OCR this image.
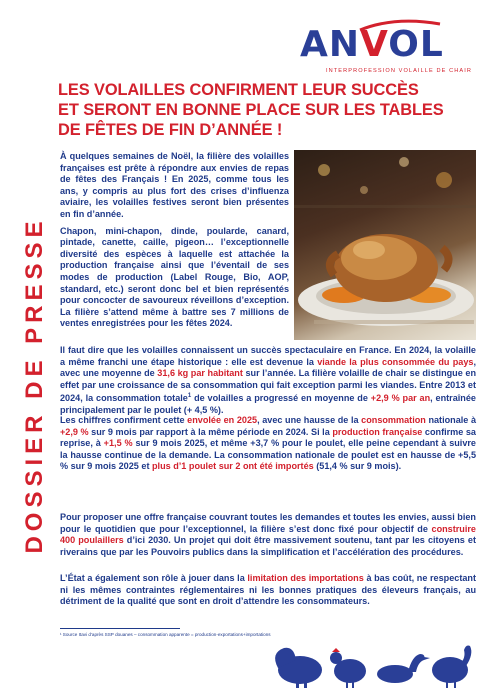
ANVOL
INTERPROFESSION VOLAILLE DE CHAIR
DOSSIER DE PRESSE
LES VOLAILLES CONFIRMENT LEUR SUCCÈS
ET SERONT EN BONNE PLACE SUR LES TABLES
DE FÊTES DE FIN D’ANNÉE !

À quelques semaines de Noël, la filière des volailles françaises est prête à répondre aux envies de repas de fêtes des Français ! En 2025, comme tous les ans, y compris au plus fort des crises d’influenza aviaire, les volailles festives seront bien présentes en fin d’année.

Chapon, mini-chapon, dinde, poularde, canard, pintade, canette, caille, pigeon… l’exceptionnelle diversité des espèces à laquelle est attachée la production française ainsi que l’éventail de ses modes de production (Label Rouge, Bio, AOP, standard, etc.) seront donc bel et bien représentés pour concocter de savoureux réveillons d’exception. La filière s’attend même à battre ses 7 millions de ventes enregistrées pour les fêtes 2024.

Il faut dire que les volailles connaissent un succès spectaculaire en France. En 2024, la volaille a même franchi une étape historique : elle est devenue la viande la plus consommée du pays, avec une moyenne de 31,6 kg par habitant sur l’année. La filière volaille de chair se distingue en effet par une croissance de sa consommation qui fait exception parmi les viandes. Entre 2013 et 2024, la consommation totale$^1$ de volailles a progressé en moyenne de +2,9 % par an, entraînée principalement par le poulet (+ 4,5 %).
Les chiffres confirment cette envolée en 2025, avec une hausse de la consommation nationale à +2,9 % sur 9 mois par rapport à la même période en 2024. Si la production française confirme sa reprise, à +1,5 % sur 9 mois 2025, et même +3,7 % pour le poulet, elle peine cependant à suivre la hausse continue de la demande. La consommation nationale de poulet est en hausse de +5,5 % sur 9 mois 2025 et plus d’1 poulet sur 2 ont été importés (51,4 % sur 9 mois).
Pour proposer une offre française couvrant toutes les demandes et toutes les envies, aussi bien pour le quotidien que pour l’exceptionnel, la filière s’est donc fixé pour objectif de construire 400 poulaillers d’ici 2030. Un projet qui doit être massivement soutenu, tant par les citoyens et riverains que par les Pouvoirs publics dans la simplification et l’accélération des procédures.
L’État a également son rôle à jouer dans la limitation des importations à bas coût, ne respectant ni les mêmes contraintes réglementaires ni les bonnes pratiques des éleveurs français, au détriment de la qualité que sont en droit d’attendre les consommateurs.
¹ Source Itavi d’après SSP douanes – consommation apparente = production-exportations+importations
